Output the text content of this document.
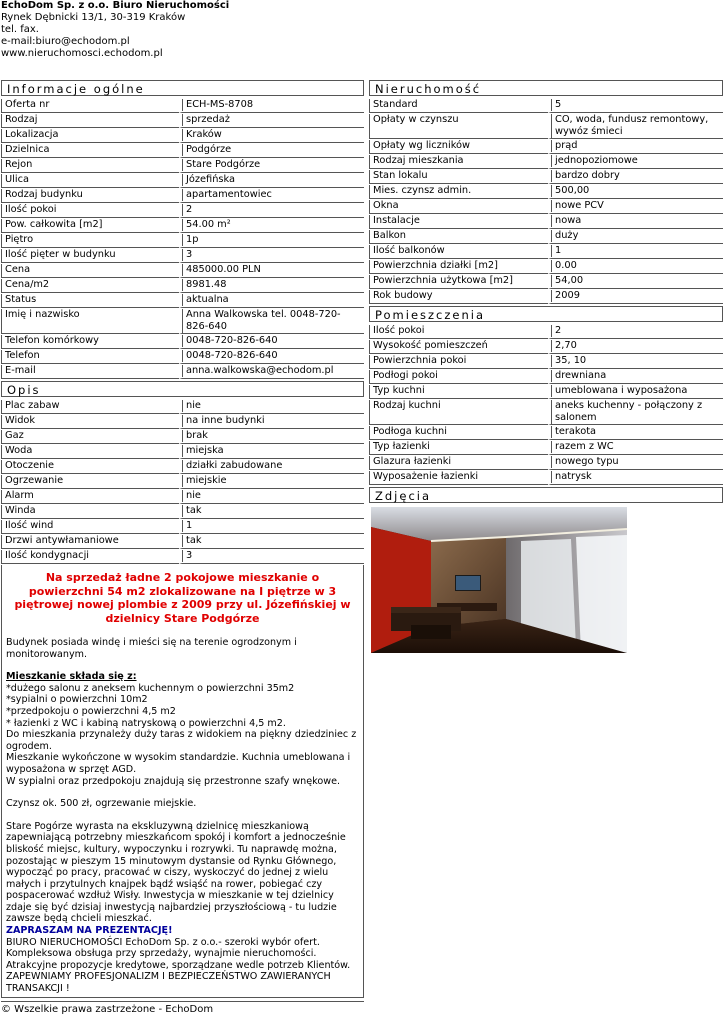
EchoDom Sp. z o.o. Biuro Nieruchomości
Rynek Dębnicki 13/1, 30-319 Kraków
tel. fax.
e-mail:biuro@echodom.pl
www.nieruchomosci.echodom.pl
Informacje ogólne
Oferta nr	ECH-MS-8708

Rodzaj	sprzedaż

Lokalizacja	Kraków

Dzielnica	Podgórze

Rejon	Stare Podgórze

Ulica	Józefińska

Rodzaj budynku	apartamentowiec

Ilość pokoi	2

Pow. całkowita [m2]	54.00 m²

Piętro	1p

Ilość pięter w budynku	3

Cena	485000.00 PLN

Cena/m2	8981.48

Status	aktualna

Imię i nazwisko	Anna Walkowska tel. 0048-720-826-640

Telefon komórkowy	0048-720-826-640

Telefon	0048-720-826-640

E-mail	anna.walkowska@echodom.pl
Opis
Plac zabaw	nie

Widok	na inne budynki

Gaz	brak

Woda	miejska

Otoczenie	działki zabudowane

Ogrzewanie	miejskie

Alarm	nie

Winda	tak

Ilość wind	1

Drzwi antywłamaniowe	tak

Ilość kondygnacji	3
Na sprzedaż ładne 2 pokojowe mieszkanie o powierzchni 54 m2 zlokalizowane na I piętrze w 3 piętrowej nowej plombie z 2009 przy ul. Józefińskiej w dzielnicy Stare Podgórze

Budynek posiada windę i mieści się na terenie ogrodzonym i monitorowanym.

Mieszkanie składa się z:

*dużego salonu z aneksem kuchennym o powierzchni 35m2

*sypialni o powierzchni 10m2

*przedpokoju o powierzchni 4,5 m2

* łazienki z WC i kabiną natryskową o powierzchni 4,5 m2.

Do mieszkania przynależy duży taras z widokiem na piękny dziedziniec z ogrodem.

Mieszkanie wykończone w wysokim standardzie. Kuchnia umeblowana i wyposażona w sprzęt AGD.

W sypialni oraz przedpokoju znajdują się przestronne szafy wnękowe.

Czynsz ok. 500 zł, ogrzewanie miejskie.

Stare Pogórze wyrasta na ekskluzywną dzielnicę mieszkaniową zapewniającą potrzebny mieszkańcom spokój i komfort a jednocześnie bliskość miejsc, kultury, wypoczynku i rozrywki. Tu naprawdę można, pozostając w pieszym 15 minutowym dystansie od Rynku Głównego, wypocząć po pracy, pracować w ciszy, wyskoczyć do jednej z wielu małych i przytulnych knajpek bądź wsiąść na rower, pobiegać czy pospacerować wzdłuż Wisły. Inwestycja w mieszkanie w tej dzielnicy zdaje się być dzisiaj inwestycją najbardziej przyszłościową - tu ludzie zawsze będą chcieli mieszkać.

ZAPRASZAM NA PREZENTACJĘ!

BIURO NIERUCHOMOŚCI EchoDom Sp. z o.o.- szeroki wybór ofert. Kompleksowa obsługa przy sprzedaży, wynajmie nieruchomości. Atrakcyjne propozycje kredytowe, sporządzane wedle potrzeb Klientów. ZAPEWNIAMY PROFESJONALIZM I BEZPIECZEŃSTWO ZAWIERANYCH TRANSAKCJI !

Nieruchomość
Standard	5

Opłaty w czynszu	CO, woda, fundusz remontowy, wywóz śmieci

Opłaty wg liczników	prąd

Rodzaj mieszkania	jednopoziomowe

Stan lokalu	bardzo dobry

Mies. czynsz admin.	500,00

Okna	nowe PCV

Instalacje	nowa

Balkon	duży

Ilość balkonów	1

Powierzchnia działki [m2]	0.00

Powierzchnia użytkowa [m2]	54,00

Rok budowy	2009
Pomieszczenia
Ilość pokoi	2

Wysokość pomieszczeń	2,70

Powierzchnia pokoi	35, 10

Podłogi pokoi	drewniana

Typ kuchni	umeblowana i wyposażona

Rodzaj kuchni	aneks kuchenny - połączony z salonem

Podłoga kuchni	terakota

Typ łazienki	razem z WC

Glazura łazienki	nowego typu

Wyposażenie łazienki	natrysk
Zdjęcia
© Wszelkie prawa zastrzeżone - EchoDom
